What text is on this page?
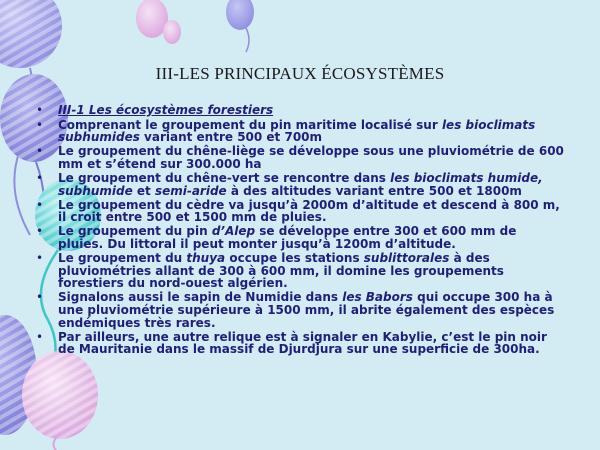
III-LES PRINCIPAUX ÉCOSYSTÈMES
• III-1 Les écosystèmes forestiers
• Comprenant le groupement du pin maritime localisé sur les bioclimats subhumides variant entre 500 et 700m
• Le groupement du chêne-liège se développe sous une pluviométrie de 600 mm et s’étend sur 300.000 ha
• Le groupement du chêne-vert se rencontre dans les bioclimats humide, subhumide et semi-aride à des altitudes variant entre 500 et 1800m
• Le groupement du cèdre va jusqu’à 2000m d’altitude et descend à 800 m, il croit entre 500 et 1500 mm de pluies.
• Le groupement du pin d’Alep se développe entre 300 et 600 mm de pluies. Du littoral il peut monter jusqu’à 1200m d’altitude.
• Le groupement du thuya occupe les stations sublittorales à des pluviométries allant de 300 à 600 mm, il domine les groupements forestiers du nord-ouest algérien.
• Signalons aussi le sapin de Numidie dans les Babors qui occupe 300 ha à une pluviométrie supérieure à 1500 mm, il abrite également des espèces endémiques très rares.
• Par ailleurs, une autre relique est à signaler en Kabylie, c’est le pin noir de Mauritanie dans le massif de Djurdjura sur une superficie de 300ha.
